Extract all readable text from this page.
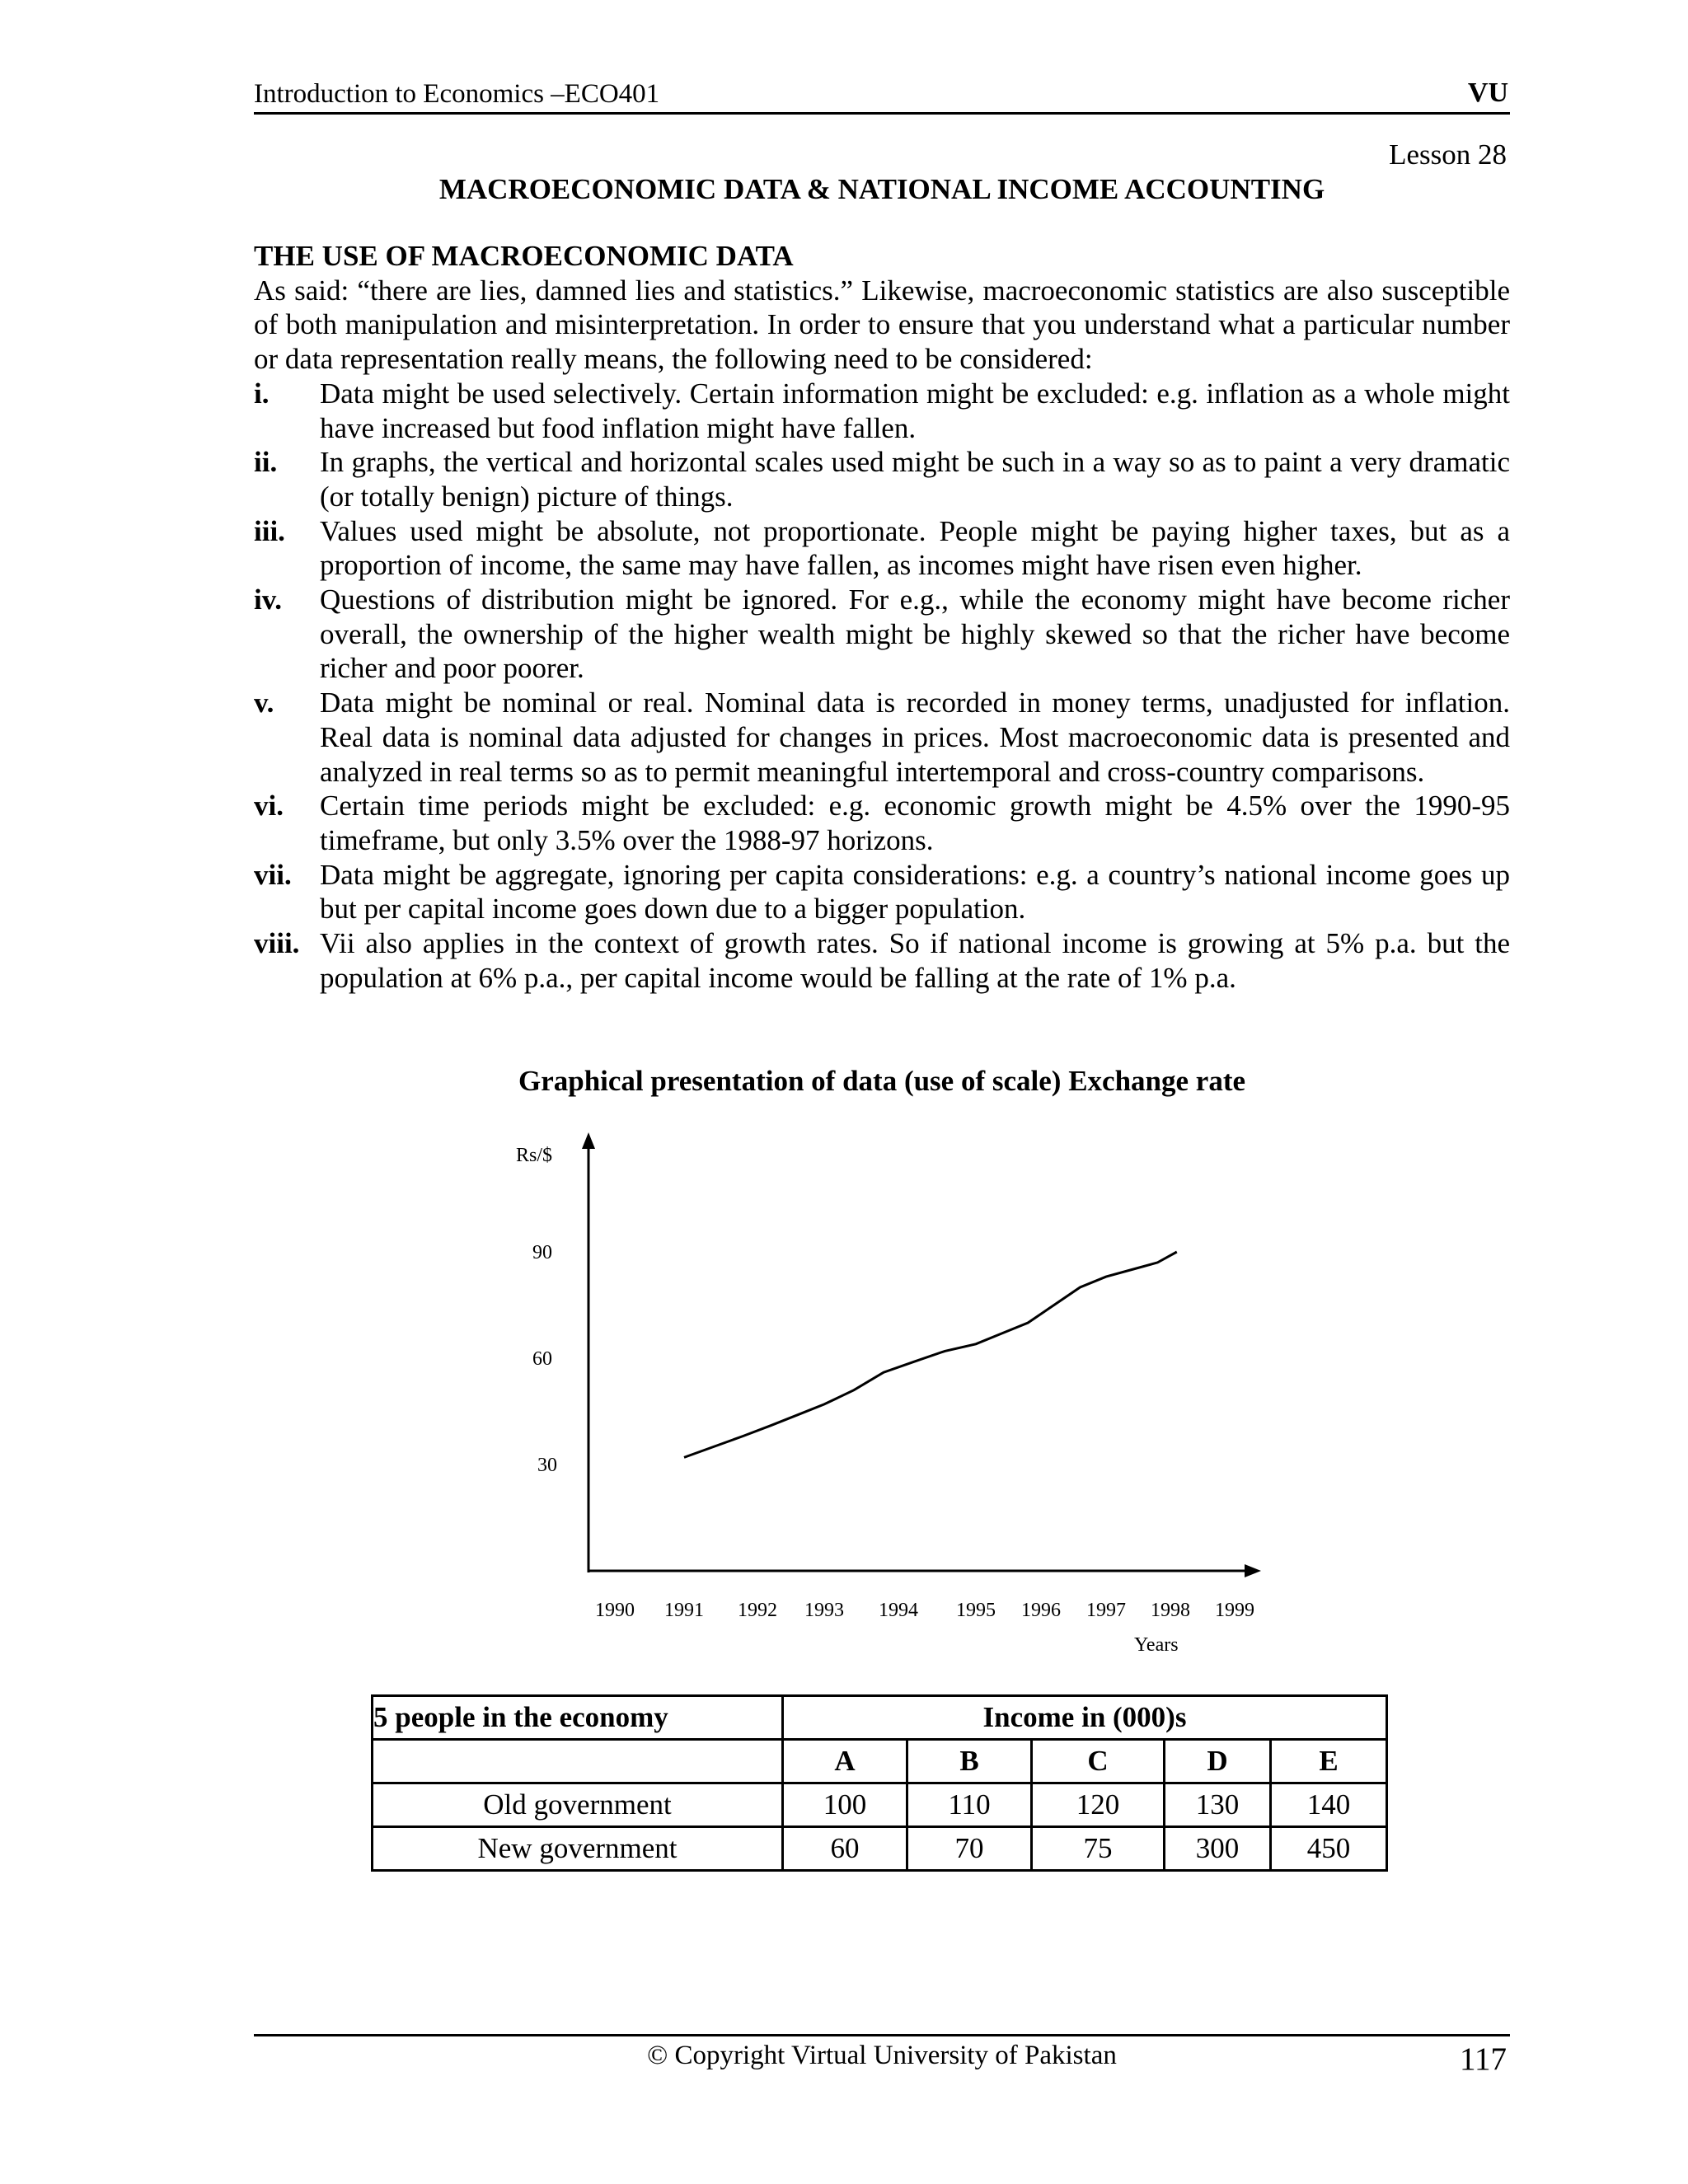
Introduction to Economics –ECO401	VU
Lesson 28
MACROECONOMIC DATA & NATIONAL INCOME ACCOUNTING
THE USE OF MACROECONOMIC DATA
As said: “there are lies, damned lies and statistics.” Likewise, macroeconomic statistics are also susceptible of both manipulation and misinterpretation. In order to ensure that you understand what a particular number or data representation really means, the following need to be considered:
i.	Data might be used selectively. Certain information might be excluded: e.g. inflation as a whole might have increased but food inflation might have fallen.
ii.	In graphs, the vertical and horizontal scales used might be such in a way so as to paint a very dramatic (or totally benign) picture of things.
iii.	Values used might be absolute, not proportionate. People might be paying higher taxes, but as a proportion of income, the same may have fallen, as incomes might have risen even higher.
iv.	Questions of distribution might be ignored. For e.g., while the economy might have become richer overall, the ownership of the higher wealth might be highly skewed so that the richer have become richer and poor poorer.
v.	Data might be nominal or real. Nominal data is recorded in money terms, unadjusted for inflation. Real data is nominal data adjusted for changes in prices. Most macroeconomic data is presented and analyzed in real terms so as to permit meaningful intertemporal and cross-country comparisons.
vi.	Certain time periods might be excluded: e.g. economic growth might be 4.5% over the 1990-95 timeframe, but only 3.5% over the 1988-97 horizons.
vii. Data might be aggregate, ignoring per capita considerations: e.g. a country’s national income goes up but per capital income goes down due to a bigger population.
viii. Vii also applies in the context of growth rates. So if national income is growing at 5% p.a. but the population at 6% p.a., per capital income would be falling at the rate of 1% p.a.
Graphical presentation of data (use of scale) Exchange rate
Rs/$
Years
30
60
90
1990 1991 1992 1993 1994 1995 1996 1997 1998 1999
5 people in the economy	Income in (000)s				
	A	B	C	D	E
Old government	100	110	120	130	140
New government	60	70	75	300	450
© Copyright Virtual University of Pakistan	117
